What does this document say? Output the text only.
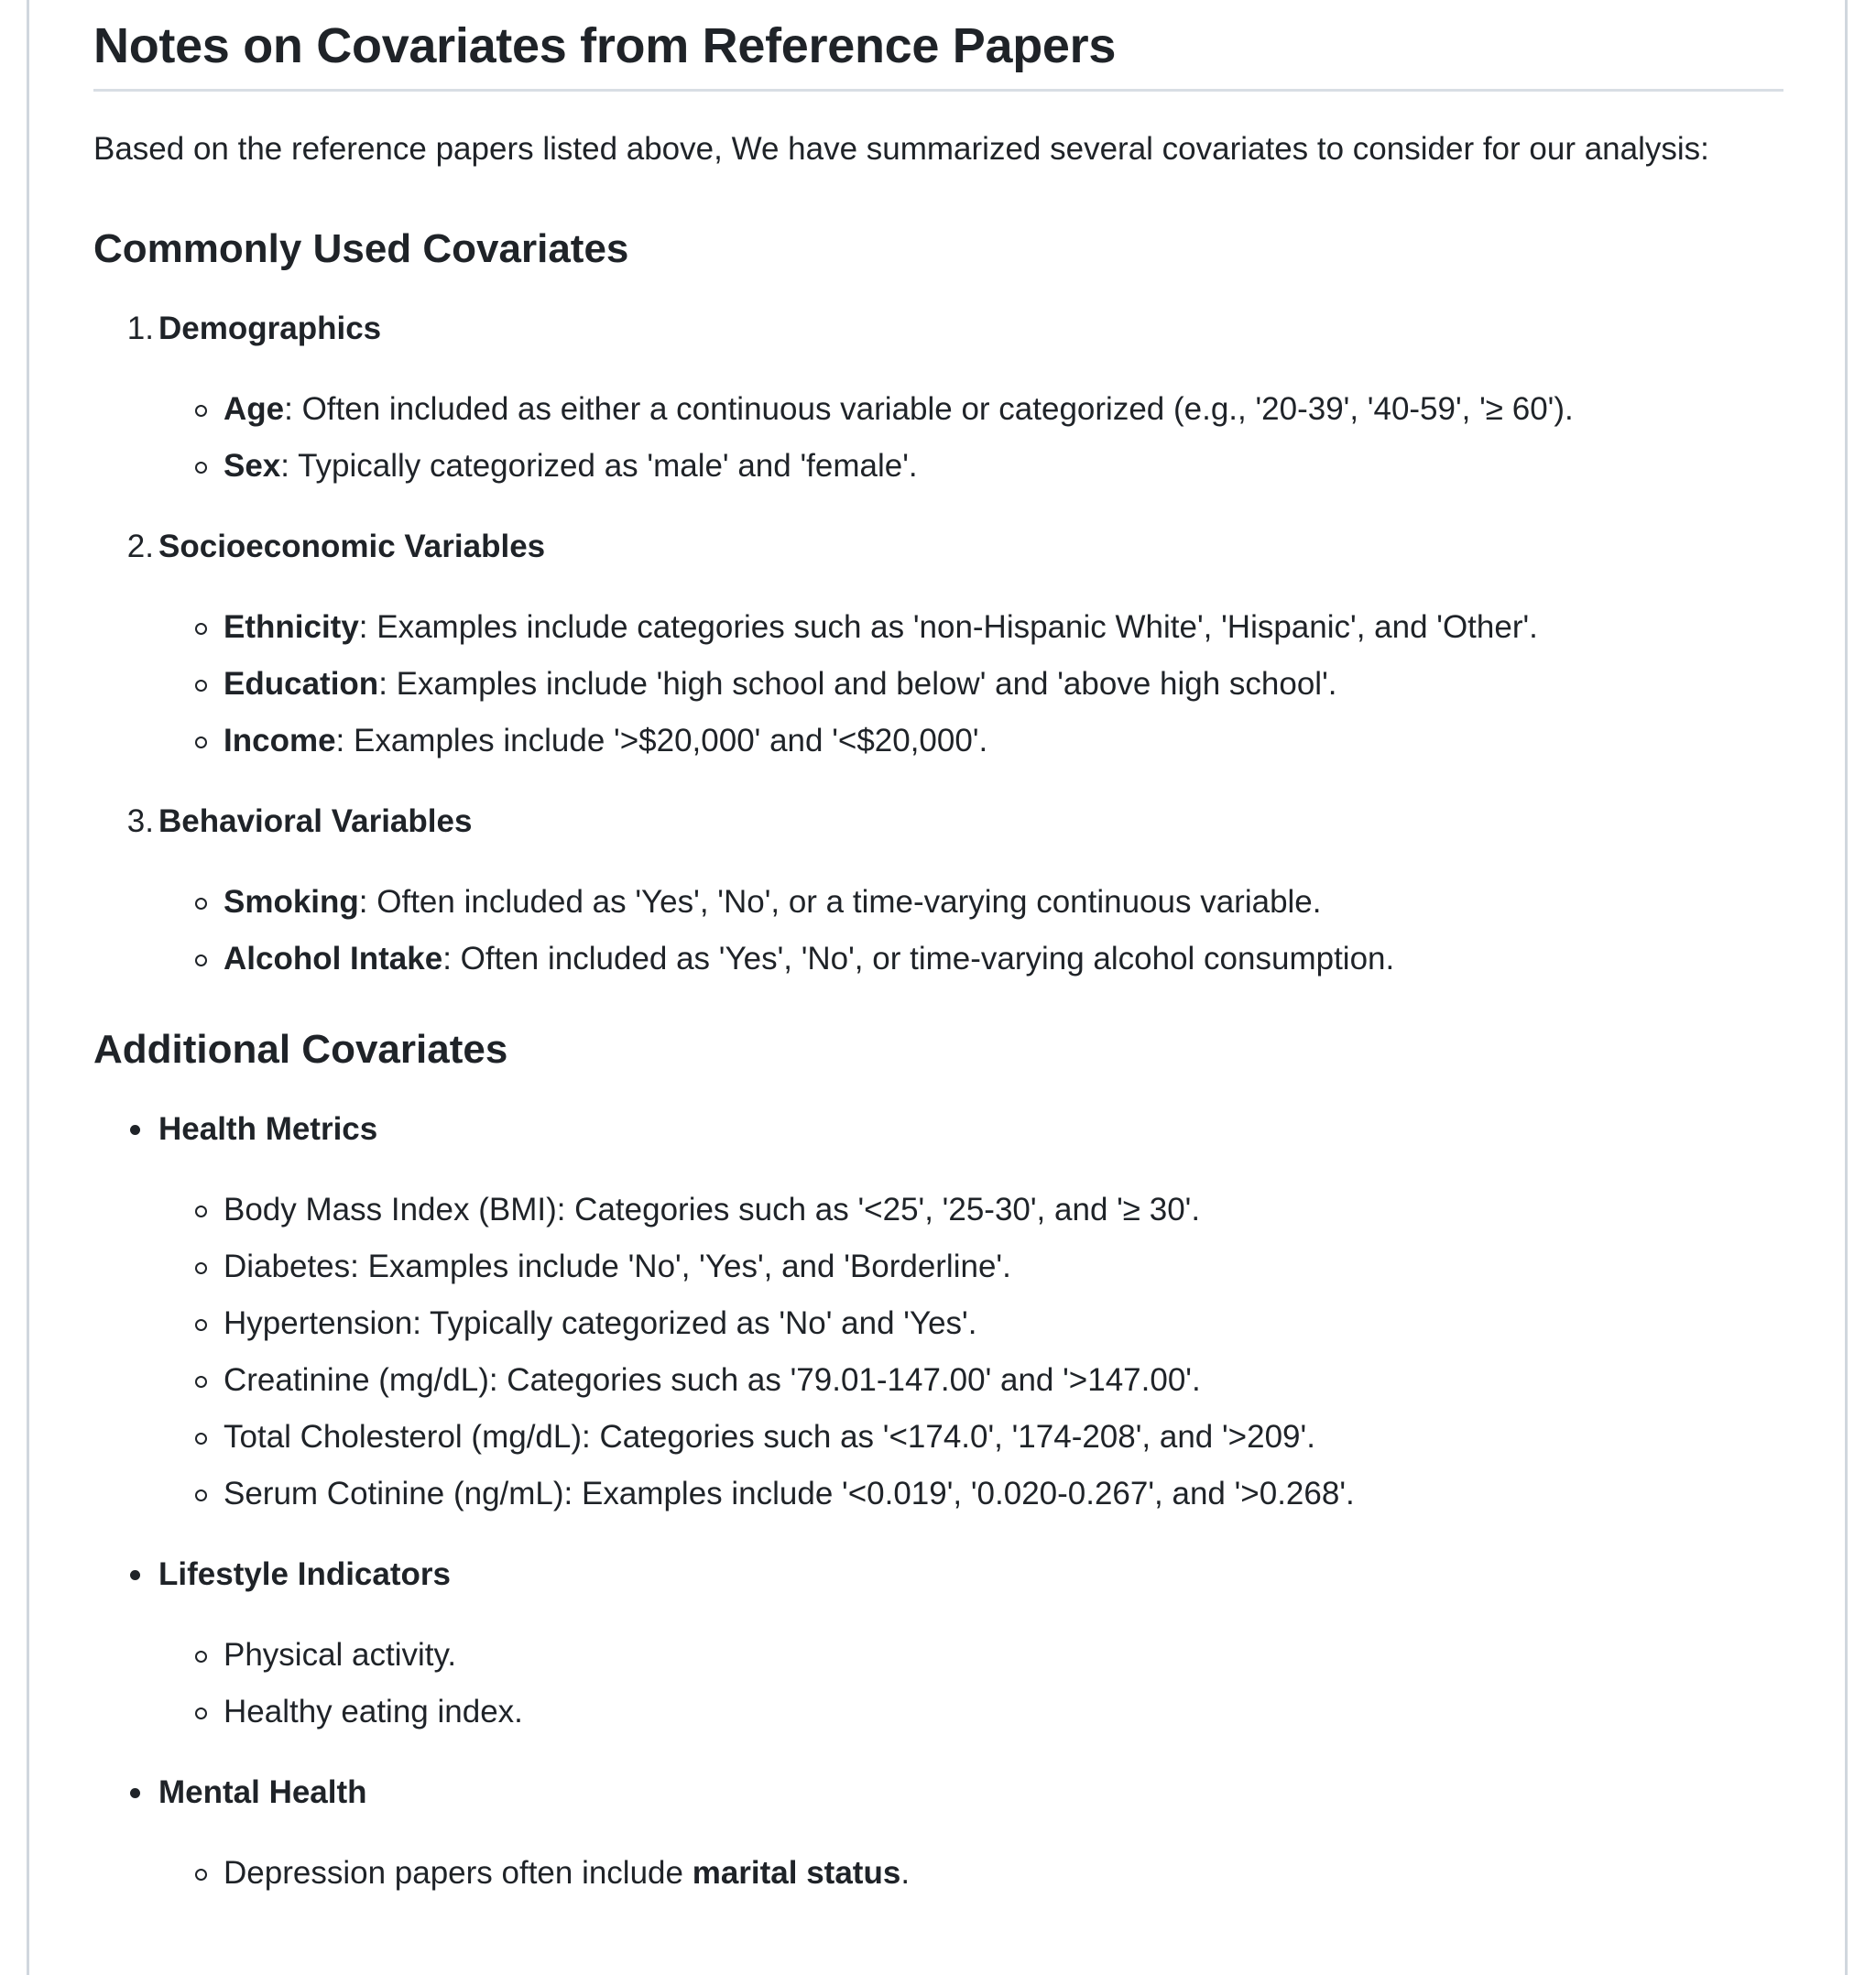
Notes on Covariates from Reference Papers

Based on the reference papers listed above, We have summarized several covariates to consider for our analysis:

Commonly Used Covariates
1. Demographics
Age: Often included as either a continuous variable or categorized (e.g., '20-39', '40-59', '≥ 60').
Sex: Typically categorized as 'male' and 'female'.
2. Socioeconomic Variables
Ethnicity: Examples include categories such as 'non-Hispanic White', 'Hispanic', and 'Other'.
Education: Examples include 'high school and below' and 'above high school'.
Income: Examples include '>$20,000' and '<$20,000'.
3. Behavioral Variables
Smoking: Often included as 'Yes', 'No', or a time-varying continuous variable.
Alcohol Intake: Often included as 'Yes', 'No', or time-varying alcohol consumption.
Additional Covariates
Health Metrics
Body Mass Index (BMI): Categories such as '<25', '25-30', and '≥ 30'.
Diabetes: Examples include 'No', 'Yes', and 'Borderline'.
Hypertension: Typically categorized as 'No' and 'Yes'.
Creatinine (mg/dL): Categories such as '79.01-147.00' and '>147.00'.
Total Cholesterol (mg/dL): Categories such as '<174.0', '174-208', and '>209'.
Serum Cotinine (ng/mL): Examples include '<0.019', '0.020-0.267', and '>0.268'.
Lifestyle Indicators
Physical activity.
Healthy eating index.
Mental Health
Depression papers often include marital status.
